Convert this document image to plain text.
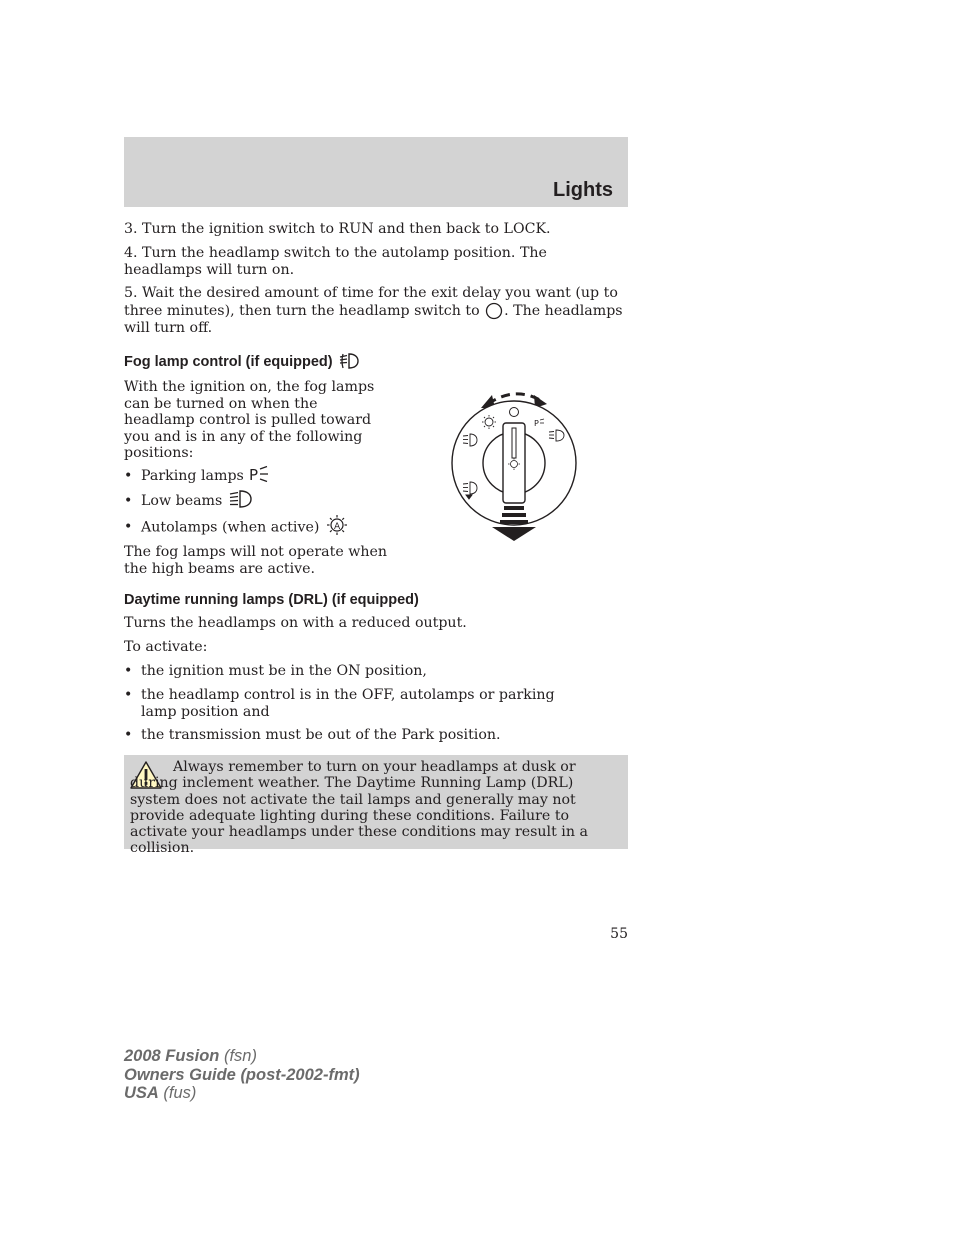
Lights

3. Turn the ignition switch to RUN and then back to LOCK.

4. Turn the headlamp switch to the autolamp position. The headlamps will turn on.

5. Wait the desired amount of time for the exit delay you want (up to three minutes), then turn the headlamp switch to . The headlamps will turn off.

Fog lamp control (if equipped)

With the ignition on, the fog lamps can be turned on when the headlamp control is pulled toward you and is in any of the following positions:

• Parking lamps P
• Low beams
• Autolamps (when active) A

The fog lamps will not operate when the high beams are active.

P
Daytime running lamps (DRL) (if equipped)

Turns the headlamps on with a reduced output.

To activate:

• the ignition must be in the ON position,
• the headlamp control is in the OFF, autolamps or parking lamp position and
• the transmission must be out of the Park position.

Always remember to turn on your headlamps at dusk or during inclement weather. The Daytime Running Lamp (DRL) system does not activate the tail lamps and generally may not provide adequate lighting during these conditions. Failure to activate your headlamps under these conditions may result in a collision.

55
2008 Fusion (fsn)
Owners Guide (post-2002-fmt)
USA (fus)
